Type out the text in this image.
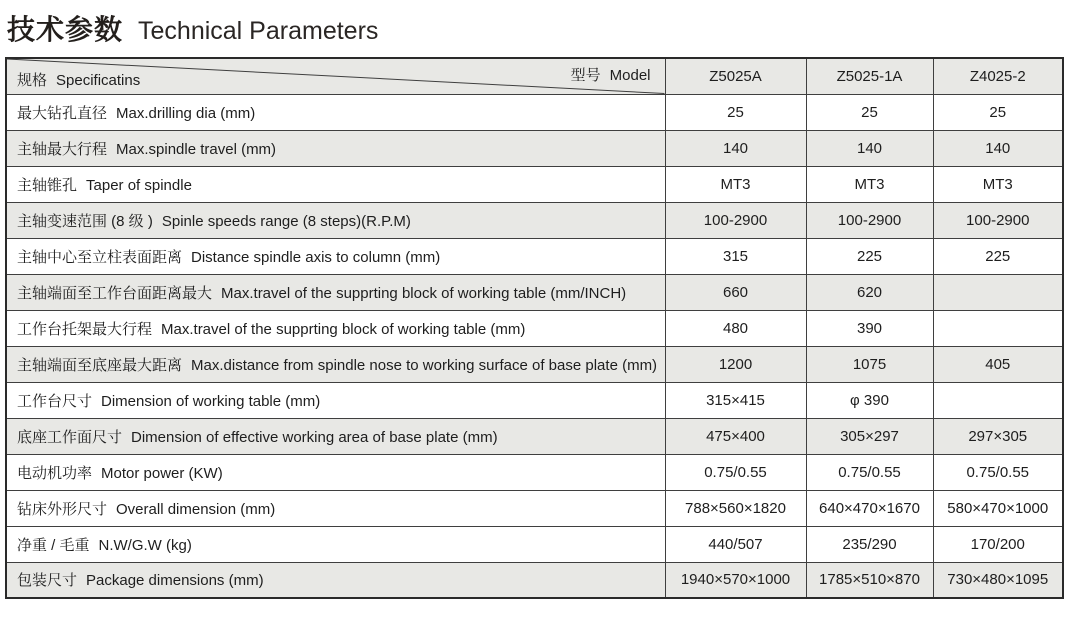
技术参数 Technical Parameters
规格 Specificatins 型号 Model	Z5025A	Z5025-1A	Z4025-2
最大钻孔直径 Max.drilling dia (mm)	25	25	25
主轴最大行程 Max.spindle travel (mm)	140	140	140
主轴锥孔 Taper of spindle	MT3	MT3	MT3
主轴变速范围 (8 级 ) Spinle speeds range (8 steps)(R.P.M)	100-2900	100-2900	100-2900
主轴中心至立柱表面距离 Distance spindle axis to column (mm)	315	225	225
主轴端面至工作台面距离最大 Max.travel of the supprting block of working table (mm/INCH)	660	620	
工作台托架最大行程 Max.travel of the supprting block of working table (mm)	480	390	
主轴端面至底座最大距离 Max.distance from spindle nose to working surface of base plate (mm)	1200	1075	405
工作台尺寸 Dimension of working table (mm)	315×415	φ 390	
底座工作面尺寸 Dimension of effective working area of base plate (mm)	475×400	305×297	297×305
电动机功率 Motor power (KW)	0.75/0.55	0.75/0.55	0.75/0.55
钻床外形尺寸 Overall dimension (mm)	788×560×1820	640×470×1670	580×470×1000
净重 / 毛重 N.W/G.W (kg)	440/507	235/290	170/200
包装尺寸 Package dimensions (mm)	1940×570×1000	1785×510×870	730×480×1095
